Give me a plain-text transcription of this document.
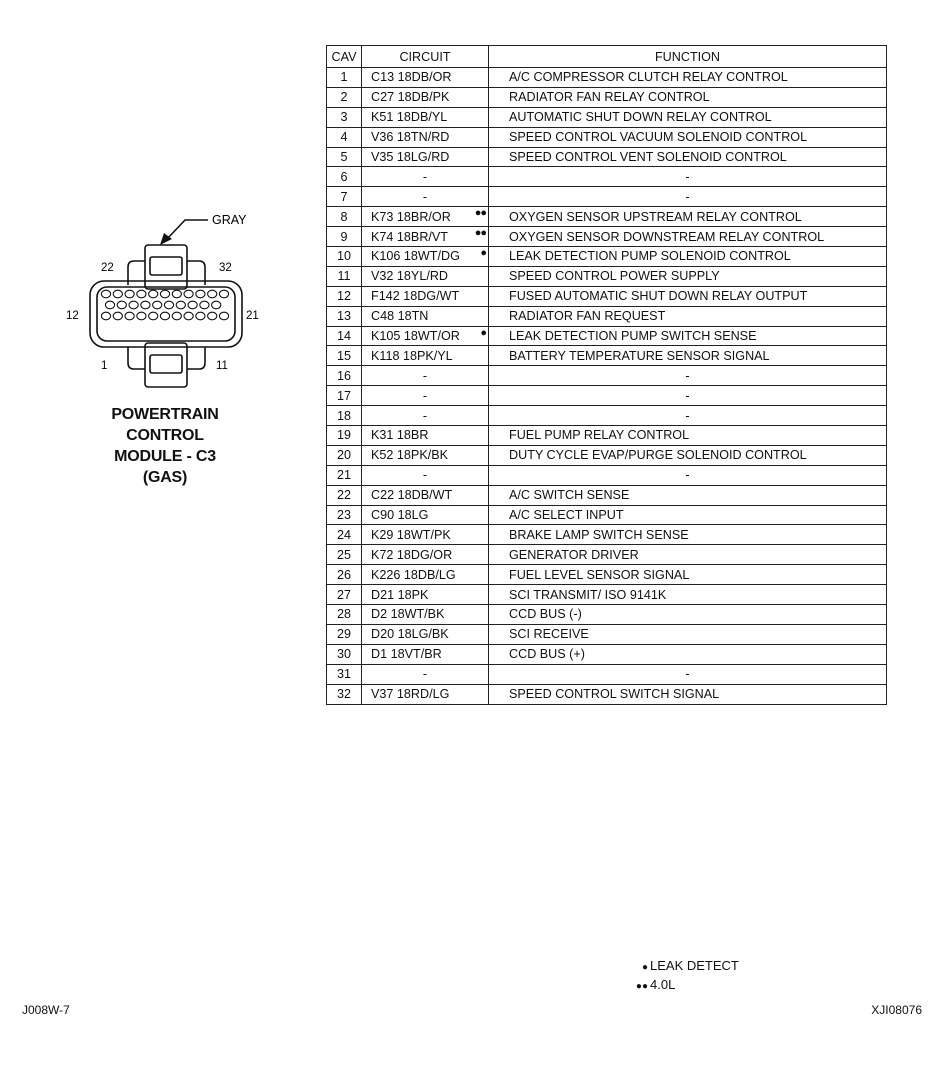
GRAY
22	32
12	21
1	11
POWERTRAIN
CONTROL
MODULE - C3
(GAS)
CAV	CIRCUIT	FUNCTION
1	C13 18DB/OR	A/C COMPRESSOR CLUTCH RELAY CONTROL
2	C27 18DB/PK	RADIATOR FAN RELAY CONTROL
3	K51 18DB/YL	AUTOMATIC SHUT DOWN RELAY CONTROL
4	V36 18TN/RD	SPEED CONTROL VACUUM SOLENOID CONTROL
5	V35 18LG/RD	SPEED CONTROL VENT SOLENOID CONTROL
6	-	-
7	-	-
8	K73 18BR/OR ●●	OXYGEN SENSOR UPSTREAM RELAY CONTROL
9	K74 18BR/VT ●●	OXYGEN SENSOR DOWNSTREAM RELAY CONTROL
10	K106 18WT/DG ●	LEAK DETECTION PUMP SOLENOID CONTROL
11	V32 18YL/RD	SPEED CONTROL POWER SUPPLY
12	F142 18DG/WT	FUSED AUTOMATIC SHUT DOWN RELAY OUTPUT
13	C48 18TN	RADIATOR FAN REQUEST
14	K105 18WT/OR ●	LEAK DETECTION PUMP SWITCH SENSE
15	K118 18PK/YL	BATTERY TEMPERATURE SENSOR SIGNAL
16	-	-
17	-	-
18	-	-
19	K31 18BR	FUEL PUMP RELAY CONTROL
20	K52 18PK/BK	DUTY CYCLE EVAP/PURGE SOLENOID CONTROL
21	-	-
22	C22 18DB/WT	A/C SWITCH SENSE
23	C90 18LG	A/C SELECT INPUT
24	K29 18WT/PK	BRAKE LAMP SWITCH SENSE
25	K72 18DG/OR	GENERATOR DRIVER
26	K226 18DB/LG	FUEL LEVEL SENSOR SIGNAL
27	D21 18PK	SCI TRANSMIT/ ISO 9141K
28	D2 18WT/BK	CCD BUS (-)
29	D20 18LG/BK	SCI RECEIVE
30	D1 18VT/BR	CCD BUS (+)
31	-	-
32	V37 18RD/LG	SPEED CONTROL SWITCH SIGNAL
● LEAK DETECT
●● 4.0L
J008W-7	XJI08076
